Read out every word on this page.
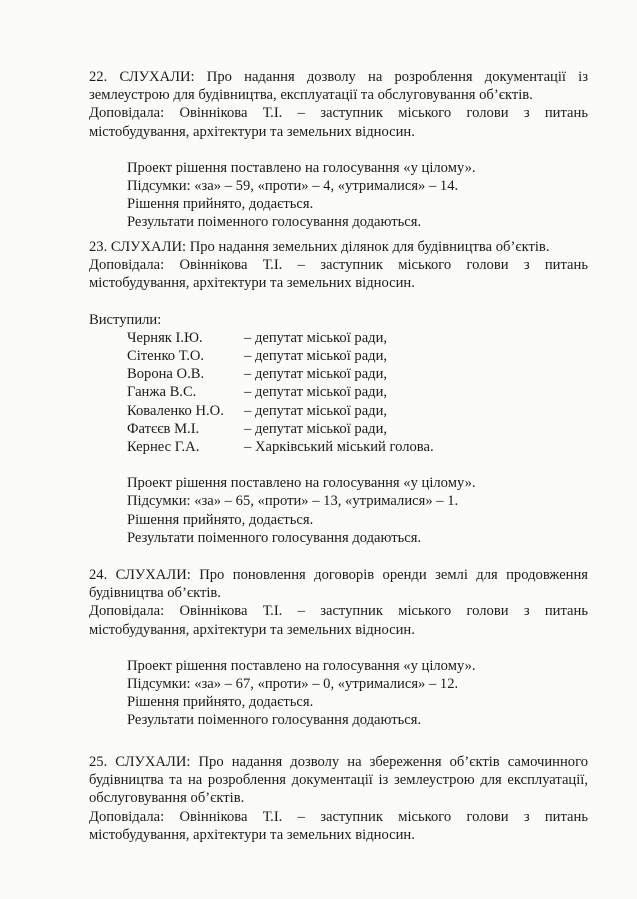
22. СЛУХАЛИ: Про надання дозволу на розроблення документації із землеустрою для будівництва, експлуатації та обслуговування об’єктів.
Доповідала: Овіннікова Т.І. – заступник міського голови з питань містобудування, архітектури та земельних відносин.
Проект рішення поставлено на голосування «у цілому».
Підсумки: «за» – 59, «проти» – 4, «утрималися» – 14.
Рішення прийнято, додається.
Результати поіменного голосування додаються.
23. СЛУХАЛИ: Про надання земельних ділянок для будівництва об’єктів.
Доповідала: Овіннікова Т.І. – заступник міського голови з питань містобудування, архітектури та земельних відносин.
Виступили:
Черняк І.Ю.	– депутат міської ради,
Сітенко Т.О.	– депутат міської ради,
Ворона О.В.	– депутат міської ради,
Ганжа В.С.	– депутат міської ради,
Коваленко Н.О. – депутат міської ради,
Фатєєв М.І.	– депутат міської ради,
Кернес Г.А.	– Харківський міський голова.
Проект рішення поставлено на голосування «у цілому».
Підсумки: «за» – 65, «проти» – 13, «утрималися» – 1.
Рішення прийнято, додається.
Результати поіменного голосування додаються.
24. СЛУХАЛИ: Про поновлення договорів оренди землі для продовження будівництва об’єктів.
Доповідала: Овіннікова Т.І. – заступник міського голови з питань містобудування, архітектури та земельних відносин.
Проект рішення поставлено на голосування «у цілому».
Підсумки: «за» – 67, «проти» – 0, «утрималися» – 12.
Рішення прийнято, додається.
Результати поіменного голосування додаються.
25. СЛУХАЛИ: Про надання дозволу на збереження об’єктів самочинного будівництва та на розроблення документації із землеустрою для експлуатації, обслуговування об’єктів.
Доповідала: Овіннікова Т.І. – заступник міського голови з питань містобудування, архітектури та земельних відносин.
